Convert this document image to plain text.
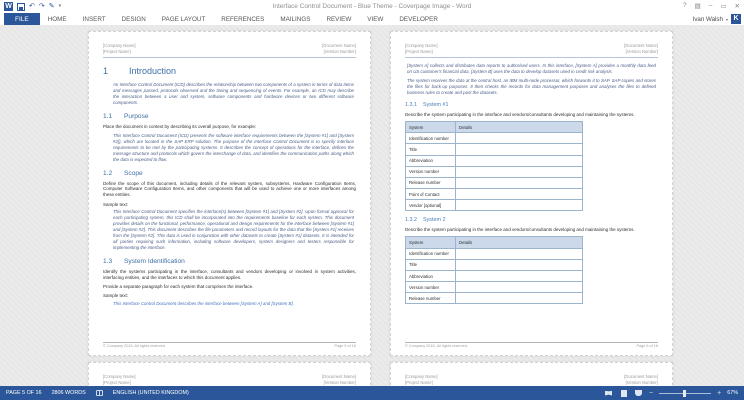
W ↶ ↷ ✎ ▾	Interface Control Document - Blue Theme - Coverpage Image - Word	? ▤ – ▭ ✕
FILE	HOME	INSERT	DESIGN	PAGE LAYOUT	REFERENCES	MAILINGS	REVIEW	VIEW	DEVELOPER	Ivan Walsh ▾ K
[Company Name]
[Project Name]
[Document Name]
[Version Number]
1 Introduction
An Interface Control Document (ICD) describes the relationship between two components of a system in terms of data items and messages passed, protocols observed and the timing and sequencing of events. For example, an ICD may describe the interaction between a user and system, software components and hardware devices or two different software components.
1.1 Purpose
Place the document in context by describing its overall purpose, for example:
This Interface Control Document (ICD) presents the software interface requirements between the [System #1] and [System #2]), which are located in the SAP ERP solution. The purpose of the Interface Control Document is to specify interface requirements to be met by the participating systems. It describes the concept of operations for the interface, defines the message structure and protocols which govern the interchange of data, and identifies the communication paths along which the data is expected to flow.
1.2 Scope
Define the scope of this document, including details of the relevant system, subsystems, Hardware Configuration Items, Computer Software Configuration Items, and other components that will be used to achieve one or more interfaces among these entities.
Sample text:
This Interface Control Document specifies the interface(s) between [System #1] and [System #2]. Upon formal approval for each participating system, this ICD shall be incorporated into the requirements baseline for each system. This document provides details on the functional, performance, operational and design requirements for the interface between [System #1] and [System #2]. This document describes the file parameters and record layouts for the data that the [System #1] receives from the [System #2]. This data is used in conjunction with other datasets to create [System #1] datasets. It is intended for all parties requiring such information, including software developers, system designers and testers responsible for implementing the interface.
1.3 System Identification
Identify the systems participating in the interface, consultants and vendors developing or involved in system activities, interfacing entities, and the interfaces to which this document applies.
Provide a separate paragraph for each system that comprises the interface.
Sample text:
This Interface Control Document describes the interface between [System A] and [System B].
© Company 2016. All rights reserved.	Page 5 of 16
[Company Name]
[Project Name]
[Document Name]
[Version Number]
[System A] collects and distributes data reports to authorised users. In this interface, [System A] provides a monthly data feed on US customer's financial data. [System B] uses the data to develop datasets used in credit risk analysis.
The system receives the data at the central host, an IBM multi-node processor, which forwards it to SAP. SAP copies and stores the files for back-up purposes. It then checks the records for data management purposes and analyses the files to defined business rules to create and post the datasets.
1.3.1 System #1
Describe the system participating in the interface and vendors/consultants developing and maintaining the systems.
System	Details
Identification number	
Title	
Abbreviation	
Version number	
Release number	
Point of Contact	
Vendor [optional]	
1.3.2 System 2
Describe the system participating in the interface and vendors/consultants developing and maintaining the systems.
System	Details
Identification number	
Title	
Abbreviation	
Version number	
Release number	
© Company 2016. All rights reserved.	Page 6 of 16
[Company Name]
[Project Name]
[Document Name]
[Version Number]
[Company Name]
[Project Name]
[Document Name]
[Version Number]
PAGE 5 OF 16 2806 WORDS	ENGLISH (UNITED KINGDOM)	−	+ 67%
